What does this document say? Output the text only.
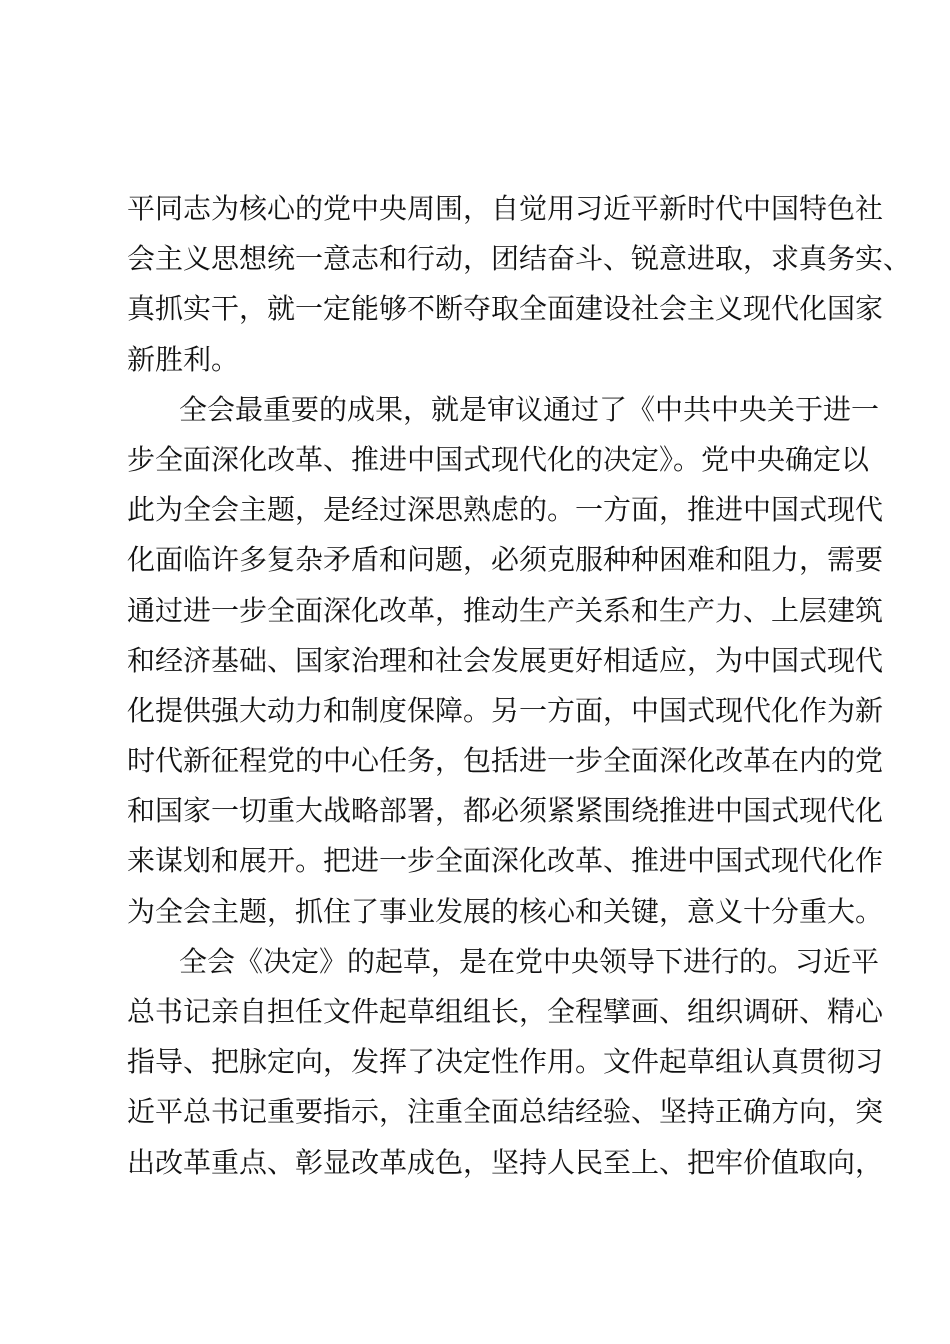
平同志为核心的党中央周围，自觉用习近平新时代中国特色社
会主义思想统一意志和行动，团结奋斗、锐意进取，求真务实、
真抓实干，就一定能够不断夺取全面建设社会主义现代化国家
新胜利。
全会最重要的成果，就是审议通过了《中共中央关于进一
步全面深化改革、推进中国式现代化的决定》。党中央确定以
此为全会主题，是经过深思熟虑的。一方面，推进中国式现代
化面临许多复杂矛盾和问题，必须克服种种困难和阻力，需要
通过进一步全面深化改革，推动生产关系和生产力、上层建筑
和经济基础、国家治理和社会发展更好相适应，为中国式现代
化提供强大动力和制度保障。另一方面，中国式现代化作为新
时代新征程党的中心任务，包括进一步全面深化改革在内的党
和国家一切重大战略部署，都必须紧紧围绕推进中国式现代化
来谋划和展开。把进一步全面深化改革、推进中国式现代化作
为全会主题，抓住了事业发展的核心和关键，意义十分重大。
全会《决定》的起草，是在党中央领导下进行的。习近平
总书记亲自担任文件起草组组长，全程擘画、组织调研、精心
指导、把脉定向，发挥了决定性作用。文件起草组认真贯彻习
近平总书记重要指示，注重全面总结经验、坚持正确方向，突
出改革重点、彰显改革成色，坚持人民至上、把牢价值取向，
